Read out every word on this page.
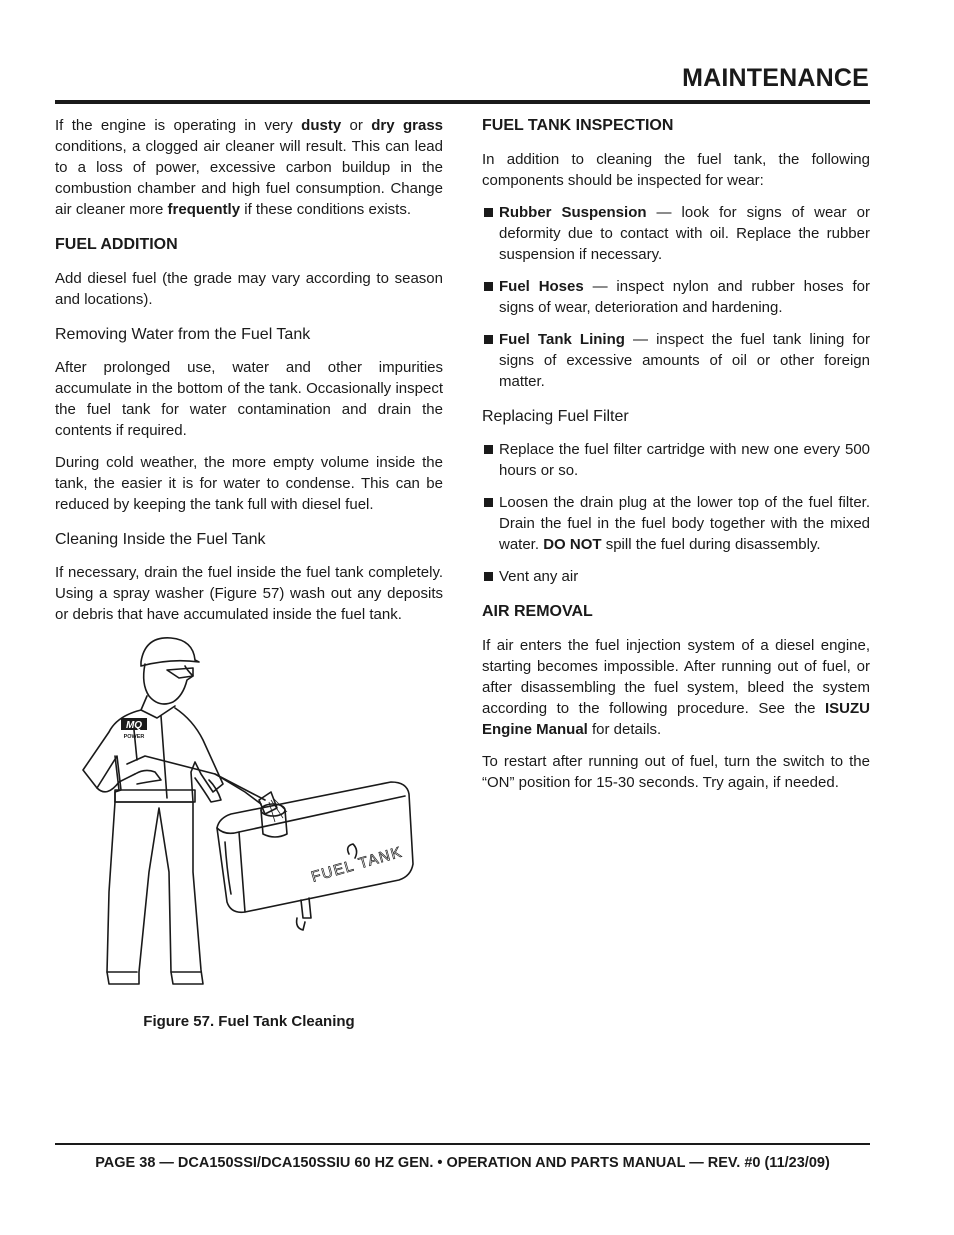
MAINTENANCE

If the engine is operating in very dusty or dry grass conditions, a clogged air cleaner will result. This can lead to a loss of power, excessive carbon buildup in the combustion chamber and high fuel consumption. Change air cleaner more frequently if these conditions exists.

FUEL ADDITION

Add diesel fuel (the grade may vary according to season and locations).

Removing Water from the Fuel Tank

After prolonged use, water and other impurities accumulate in the bottom of the tank. Occasionally inspect the fuel tank for water contamination and drain the contents if required.

During cold weather, the more empty volume inside the tank, the easier it is for water to condense. This can be reduced by keeping the tank full with diesel fuel.

Cleaning Inside the Fuel Tank

If necessary, drain the fuel inside the fuel tank completely. Using a spray washer (Figure 57) wash out any deposits or debris that have accumulated inside the fuel tank.

MQ
POWER
FUEL TANK
Figure 57. Fuel Tank Cleaning
FUEL TANK INSPECTION

In addition to cleaning the fuel tank, the following components should be inspected for wear:

Rubber Suspension — look for signs of wear or deformity due to contact with oil. Replace the rubber suspension if necessary.
Fuel Hoses — inspect nylon and rubber hoses for signs of wear, deterioration and hardening.
Fuel Tank Lining — inspect the fuel tank lining for signs of excessive amounts of oil or other foreign matter.
Replacing Fuel Filter
Replace the fuel filter cartridge with new one every 500 hours or so.
Loosen the drain plug at the lower top of the fuel filter. Drain the fuel in the fuel body together with the mixed water. DO NOT spill the fuel during disassembly.
Vent any air
AIR REMOVAL

If air enters the fuel injection system of a diesel engine, starting becomes impossible. After running out of fuel, or after disassembling the fuel system, bleed the system according to the following procedure. See the ISUZU Engine Manual for details.

To restart after running out of fuel, turn the switch to the “ON” position for 15-30 seconds. Try again, if needed.

PAGE 38 — DCA150SSI/DCA150SSIU 60 HZ GEN. • OPERATION AND PARTS MANUAL — REV. #0 (11/23/09)
